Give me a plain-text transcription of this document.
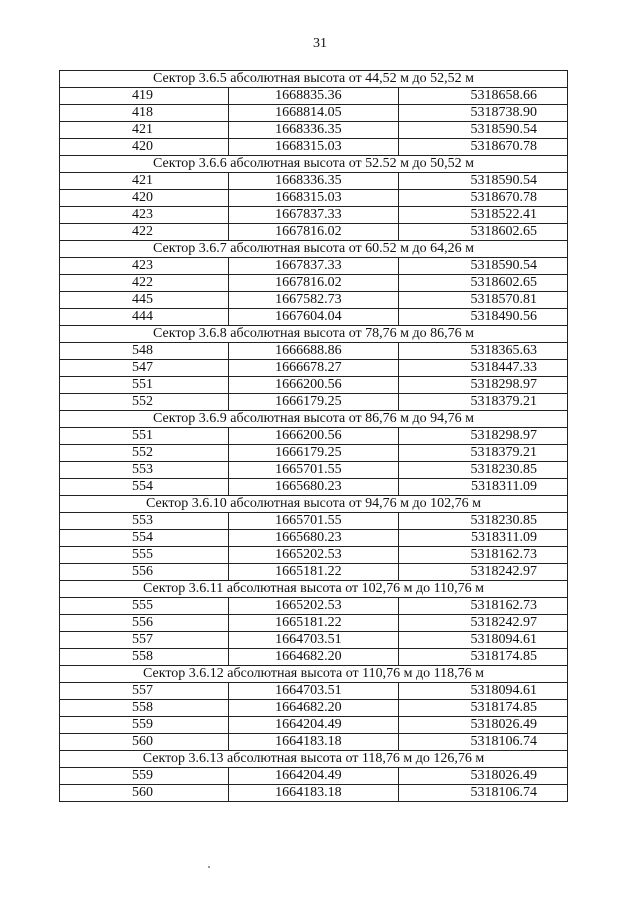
31
Сектор 3.6.5 абсолютная высота от 44,52 м до 52,52 м		
419	1668835.36	5318658.66
418	1668814.05	5318738.90
421	1668336.35	5318590.54
420	1668315.03	5318670.78
Сектор 3.6.6 абсолютная высота от 52.52 м до 50,52 м		
421	1668336.35	5318590.54
420	1668315.03	5318670.78
423	1667837.33	5318522.41
422	1667816.02	5318602.65
Сектор 3.6.7 абсолютная высота от 60.52 м до 64,26 м		
423	1667837.33	5318590.54
422	1667816.02	5318602.65
445	1667582.73	5318570.81
444	1667604.04	5318490.56
Сектор 3.6.8 абсолютная высота от 78,76 м до 86,76 м		
548	1666688.86	5318365.63
547	1666678.27	5318447.33
551	1666200.56	5318298.97
552	1666179.25	5318379.21
Сектор 3.6.9 абсолютная высота от 86,76 м до 94,76 м		
551	1666200.56	5318298.97
552	1666179.25	5318379.21
553	1665701.55	5318230.85
554	1665680.23	5318311.09
Сектор 3.6.10 абсолютная высота от 94,76 м до 102,76 м		
553	1665701.55	5318230.85
554	1665680.23	5318311.09
555	1665202.53	5318162.73
556	1665181.22	5318242.97
Сектор 3.6.11 абсолютная высота от 102,76 м до 110,76 м		
555	1665202.53	5318162.73
556	1665181.22	5318242.97
557	1664703.51	5318094.61
558	1664682.20	5318174.85
Сектор 3.6.12 абсолютная высота от 110,76 м до 118,76 м		
557	1664703.51	5318094.61
558	1664682.20	5318174.85
559	1664204.49	5318026.49
560	1664183.18	5318106.74
Сектор 3.6.13 абсолютная высота от 118,76 м до 126,76 м		
559	1664204.49	5318026.49
560	1664183.18	5318106.74
